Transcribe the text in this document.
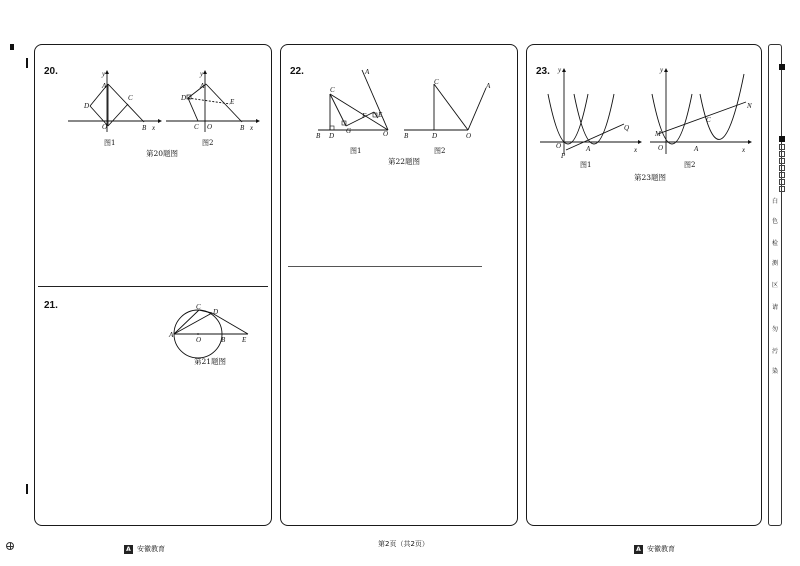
20.	y
x
A
C
D
O	B
图1
y
x
A
D	E
C O	B
图2
第20题图
21.
A
C
D
O	B E
第21题图
22.	A
C
E
F
G
B D	O
图1
C	A
B	D	O
图2
第22题图
23. y
x
O
P
A
Q
图1
y
x
M
O	A
C
N
图2
第23题图
白
色
检
测
区
请
勿
污
染
A 安徽教育
第2页（共2页）
A 安徽教育
